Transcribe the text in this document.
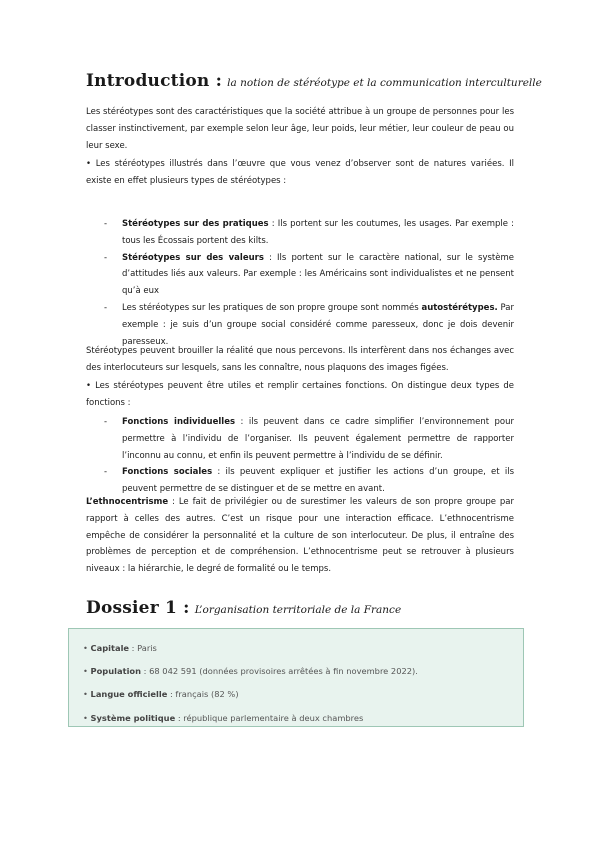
Introduction : la notion de stéréotype et la communication interculturelle

Les stéréotypes sont des caractéristiques que la société attribue à un groupe de personnes pour les classer instinctivement, par exemple selon leur âge, leur poids, leur métier, leur couleur de peau ou leur sexe.

• Les stéréotypes illustrés dans l’œuvre que vous venez d’observer sont de natures variées. Il existe en effet plusieurs types de stéréotypes :

- Stéréotypes sur des pratiques : Ils portent sur les coutumes, les usages. Par exemple : tous les Écossais portent des kilts.
- Stéréotypes sur des valeurs : Ils portent sur le caractère national, sur le système d’attitudes liés aux valeurs. Par exemple : les Américains sont individualistes et ne pensent qu’à eux
- Les stéréotypes sur les pratiques de son propre groupe sont nommés autostérétypes. Par exemple : je suis d’un groupe social considéré comme paresseux, donc je dois devenir paresseux.

Stéréotypes peuvent brouiller la réalité que nous percevons. Ils interfèrent dans nos échanges avec des interlocuteurs sur lesquels, sans les connaître, nous plaquons des images figées.

• Les stéréotypes peuvent être utiles et remplir certaines fonctions. On distingue deux types de fonctions :

- Fonctions individuelles : ils peuvent dans ce cadre simplifier l’environnement pour permettre à l’individu de l’organiser. Ils peuvent également permettre de rapporter l’inconnu au connu, et enfin ils peuvent permettre à l’individu de se définir.
- Fonctions sociales : ils peuvent expliquer et justifier les actions d’un groupe, et ils peuvent permettre de se distinguer et de se mettre en avant.

L’ethnocentrisme : Le fait de privilégier ou de surestimer les valeurs de son propre groupe par rapport à celles des autres. C’est un risque pour une interaction efficace. L’ethnocentrisme empêche de considérer la personnalité et la culture de son interlocuteur. De plus, il entraîne des problèmes de perception et de compréhension. L’ethnocentrisme peut se retrouver à plusieurs niveaux : la hiérarchie, le degré de formalité ou le temps.

Dossier 1 : L’organisation territoriale de la France
• Capitale : Paris
• Population : 68 042 591 (données provisoires arrêtées à fin novembre 2022).
• Langue officielle : français (82 %)
• Système politique : république parlementaire à deux chambres
